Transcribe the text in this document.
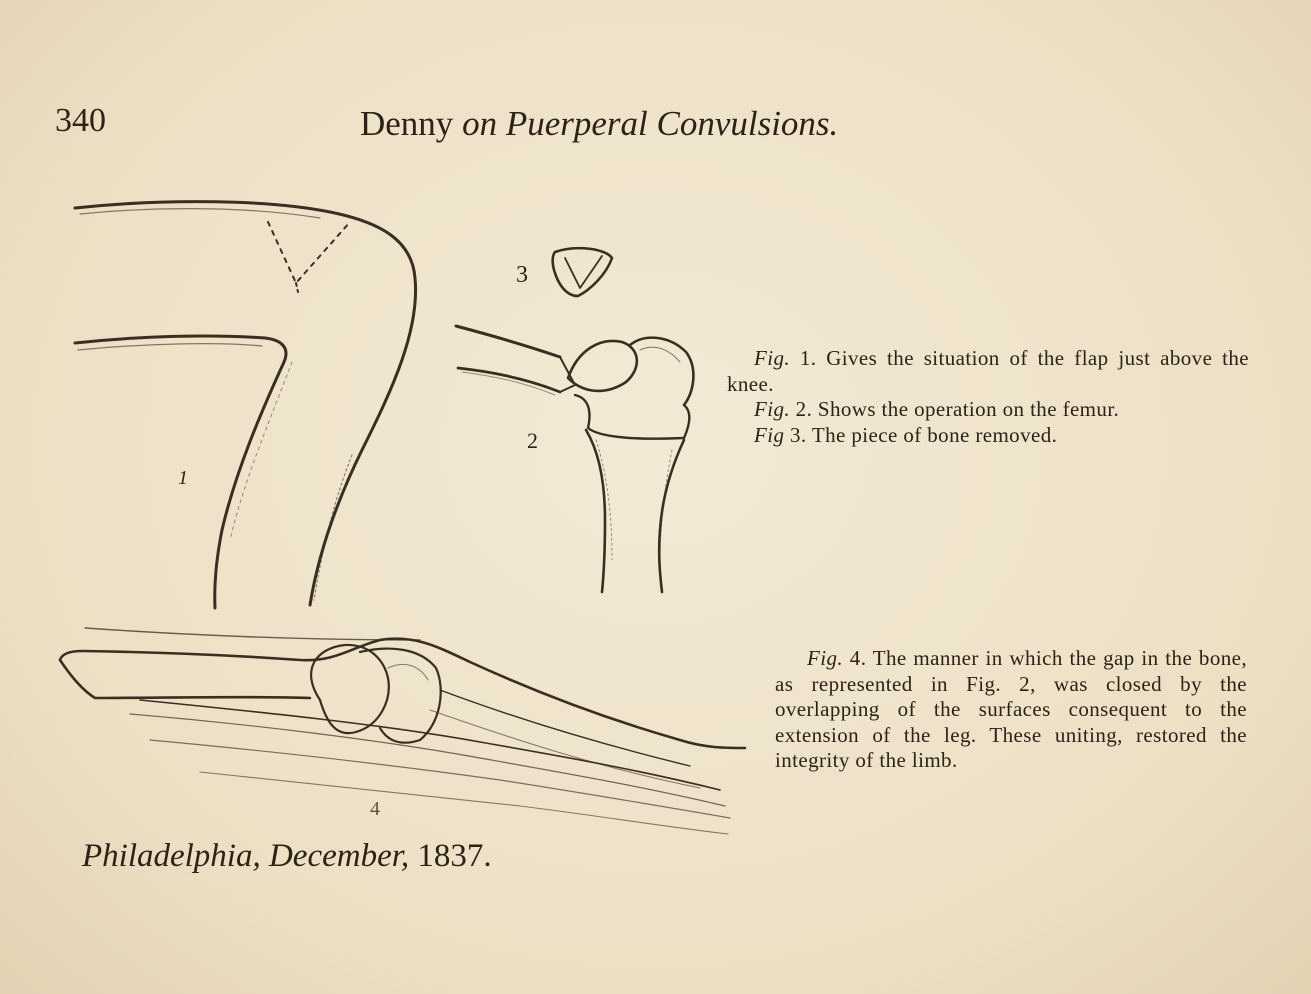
340	Denny on Puerperal Convulsions.
1
2
3
4

Fig. 1. Gives the situation of the flap just above the knee.

Fig. 2. Shows the operation on the femur.

Fig 3. The piece of bone removed.

Fig. 4. The manner in which the gap in the bone, as represented in Fig. 2, was closed by the overlapping of the surfaces consequent to the extension of the leg. These uniting, restored the integrity of the limb.
Philadelphia, December, 1837.
